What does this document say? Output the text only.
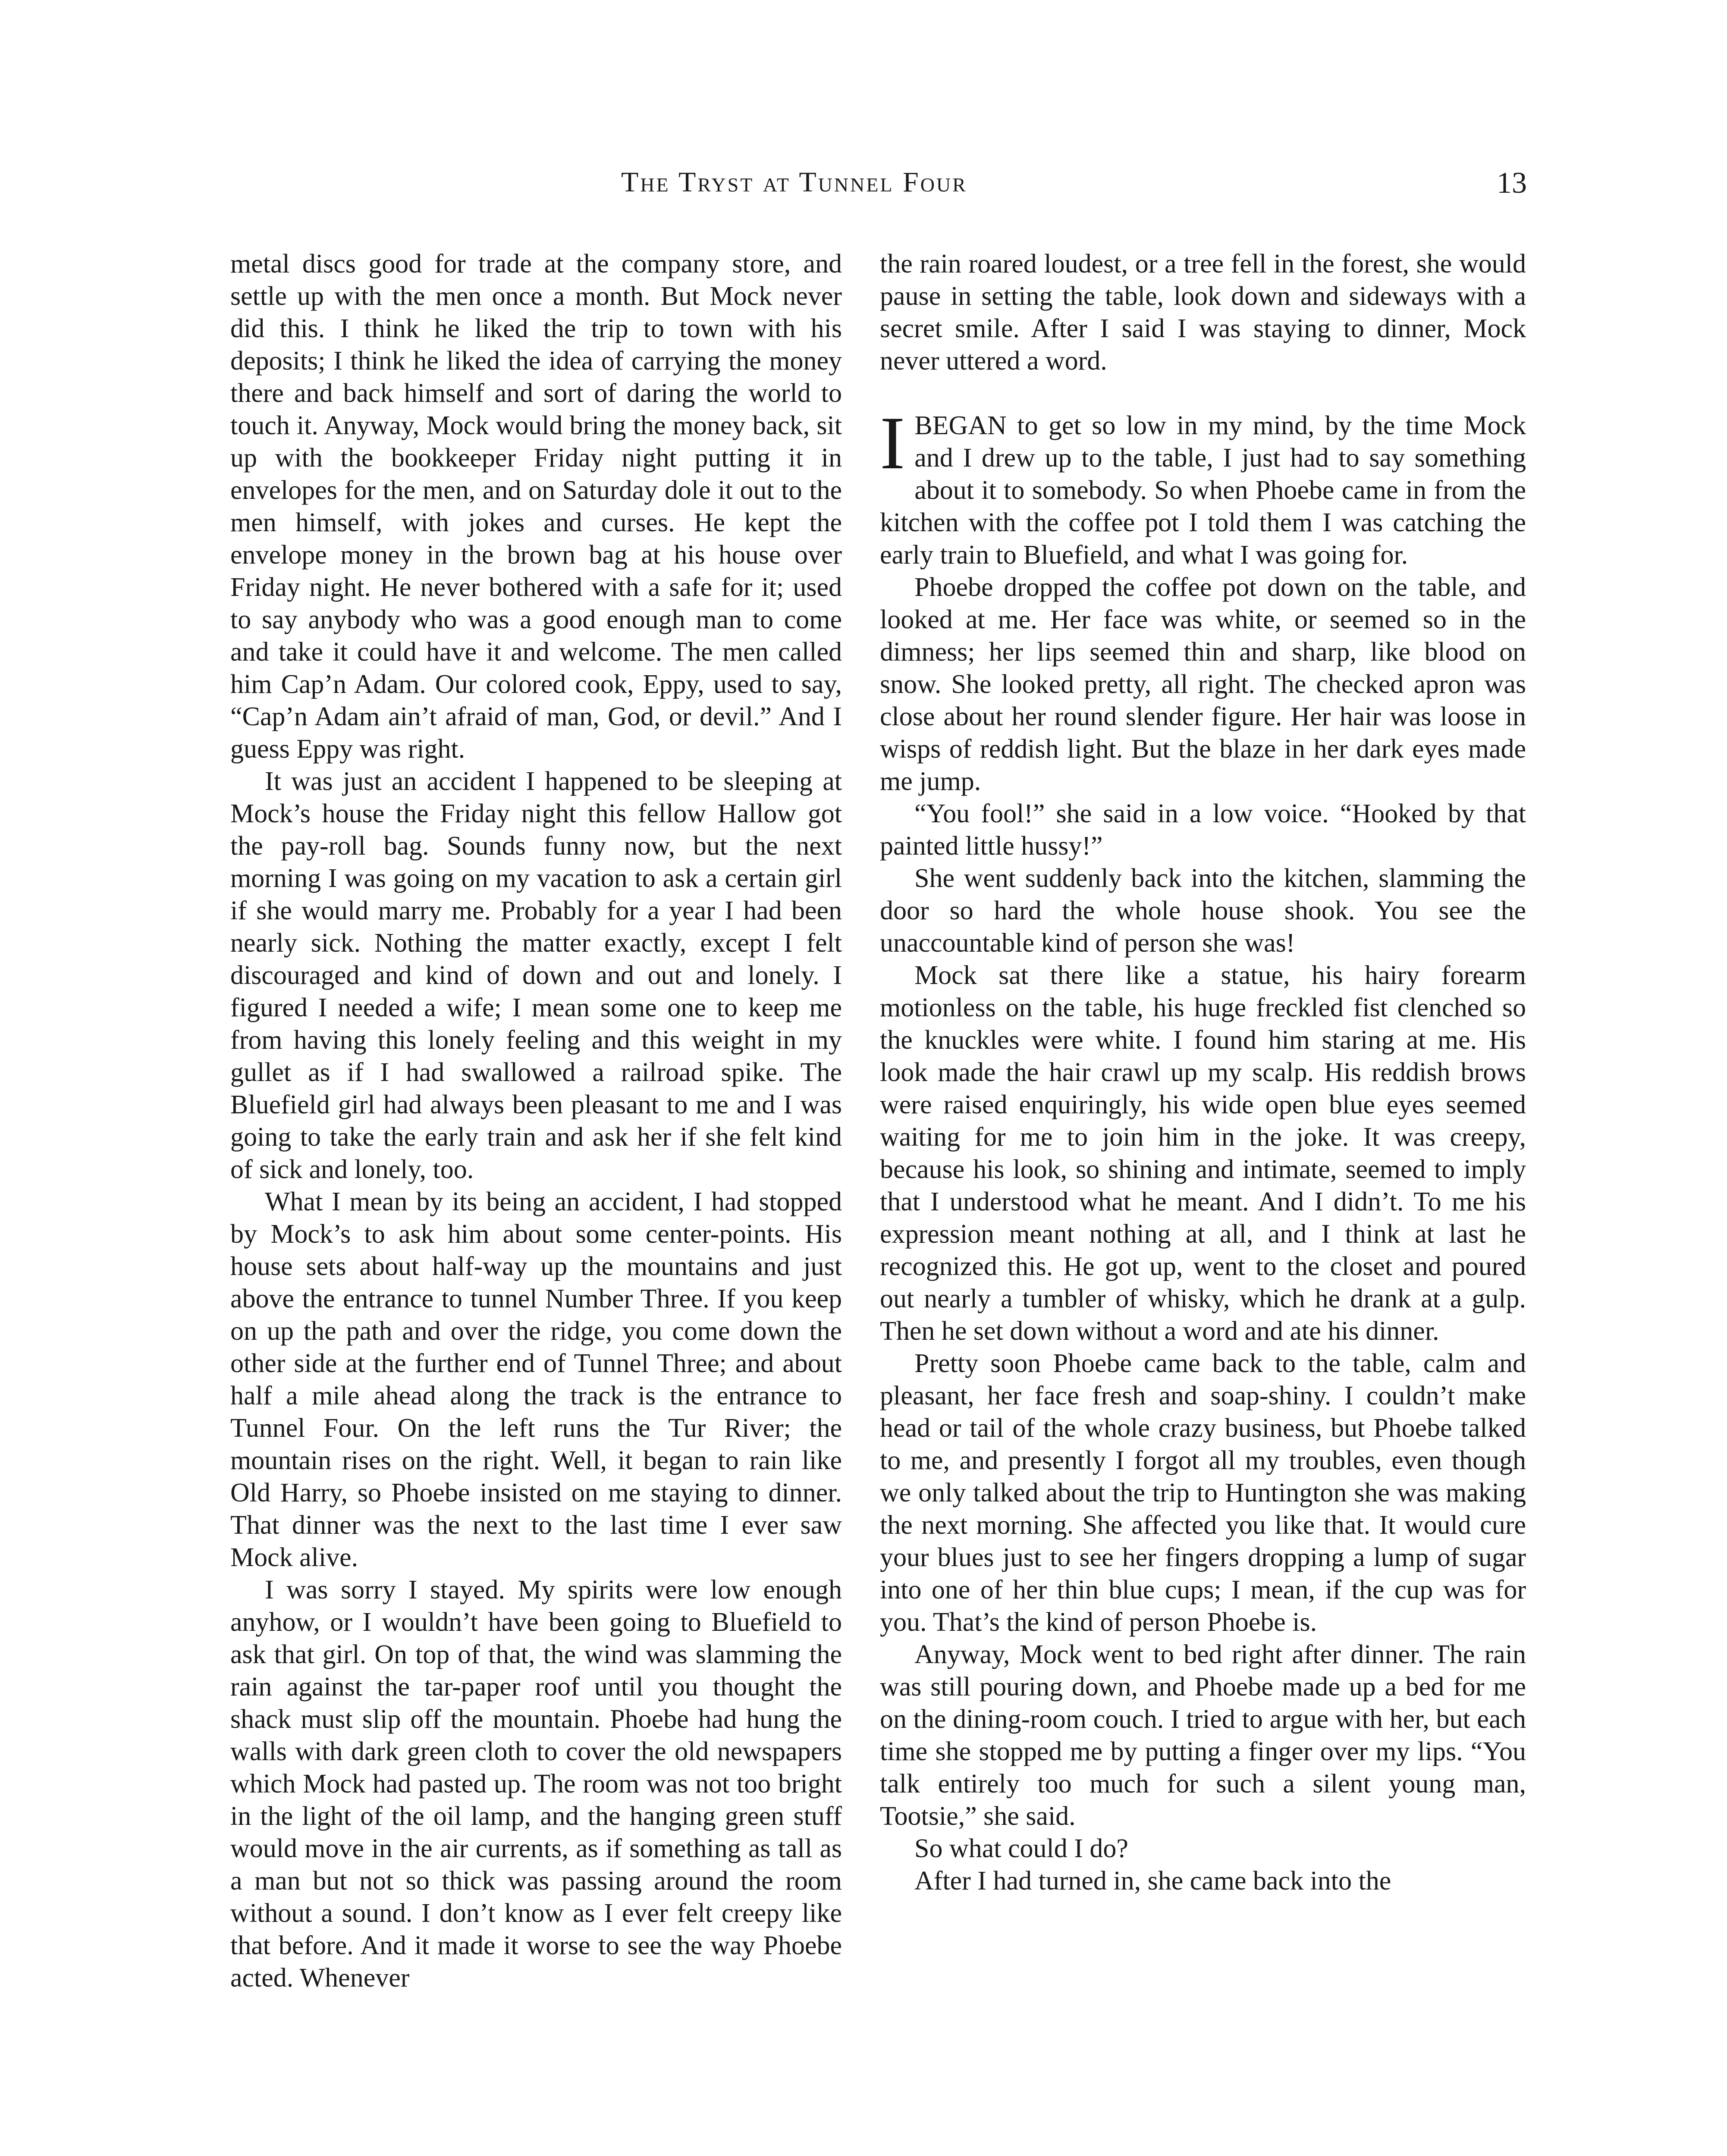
The Tryst at Tunnel Four	13

metal discs good for trade at the company store, and settle up with the men once a month. But Mock never did this. I think he liked the trip to town with his deposits; I think he liked the idea of carrying the money there and back himself and sort of daring the world to touch it. Anyway, Mock would bring the money back, sit up with the bookkeeper Friday night putting it in envelopes for the men, and on Saturday dole it out to the men himself, with jokes and curses. He kept the envelope money in the brown bag at his house over Friday night. He never bothered with a safe for it; used to say anybody who was a good enough man to come and take it could have it and welcome. The men called him Cap’n Adam. Our colored cook, Eppy, used to say, “Cap’n Adam ain’t afraid of man, God, or devil.” And I guess Eppy was right.

It was just an accident I happened to be sleeping at Mock’s house the Friday night this fellow Hallow got the pay-roll bag. Sounds funny now, but the next morning I was going on my vacation to ask a certain girl if she would marry me. Probably for a year I had been nearly sick. Nothing the matter exactly, except I felt discouraged and kind of down and out and lonely. I figured I needed a wife; I mean some one to keep me from having this lonely feeling and this weight in my gullet as if I had swallowed a railroad spike. The Bluefield girl had always been pleasant to me and I was going to take the early train and ask her if she felt kind of sick and lonely, too.

What I mean by its being an accident, I had stopped by Mock’s to ask him about some center-points. His house sets about half-way up the mountains and just above the entrance to tunnel Number Three. If you keep on up the path and over the ridge, you come down the other side at the further end of Tunnel Three; and about half a mile ahead along the track is the entrance to Tunnel Four. On the left runs the Tur River; the mountain rises on the right. Well, it began to rain like Old Harry, so Phoebe insisted on me staying to dinner. That dinner was the next to the last time I ever saw Mock alive.

I was sorry I stayed. My spirits were low enough anyhow, or I wouldn’t have been going to Bluefield to ask that girl. On top of that, the wind was slamming the rain against the tar-paper roof until you thought the shack must slip off the mountain. Phoebe had hung the walls with dark green cloth to cover the old newspapers which Mock had pasted up. The room was not too bright in the light of the oil lamp, and the hanging green stuff would move in the air currents, as if something as tall as a man but not so thick was passing around the room without a sound. I don’t know as I ever felt creepy like that before. And it made it worse to see the way Phoebe acted. Whenever

the rain roared loudest, or a tree fell in the forest, she would pause in setting the table, look down and sideways with a secret smile. After I said I was staying to dinner, Mock never uttered a word.

IBEGAN to get so low in my mind, by the time Mock and I drew up to the table, I just had to say something about it to somebody. So when Phoebe came in from the kitchen with the coffee pot I told them I was catching the early train to Bluefield, and what I was going for.

Phoebe dropped the coffee pot down on the table, and looked at me. Her face was white, or seemed so in the dimness; her lips seemed thin and sharp, like blood on snow. She looked pretty, all right. The checked apron was close about her round slender figure. Her hair was loose in wisps of reddish light. But the blaze in her dark eyes made me jump.

“You fool!” she said in a low voice. “Hooked by that painted little hussy!”

She went suddenly back into the kitchen, slamming the door so hard the whole house shook. You see the unaccountable kind of person she was!

Mock sat there like a statue, his hairy forearm motionless on the table, his huge freckled fist clenched so the knuckles were white. I found him staring at me. His look made the hair crawl up my scalp. His reddish brows were raised enquiringly, his wide open blue eyes seemed waiting for me to join him in the joke. It was creepy, because his look, so shining and intimate, seemed to imply that I understood what he meant. And I didn’t. To me his expression meant nothing at all, and I think at last he recognized this. He got up, went to the closet and poured out nearly a tumbler of whisky, which he drank at a gulp. Then he set down without a word and ate his dinner.

Pretty soon Phoebe came back to the table, calm and pleasant, her face fresh and soap-shiny. I couldn’t make head or tail of the whole crazy business, but Phoebe talked to me, and presently I forgot all my troubles, even though we only talked about the trip to Huntington she was making the next morning. She affected you like that. It would cure your blues just to see her fingers dropping a lump of sugar into one of her thin blue cups; I mean, if the cup was for you. That’s the kind of person Phoebe is.

Anyway, Mock went to bed right after dinner. The rain was still pouring down, and Phoebe made up a bed for me on the dining-room couch. I tried to argue with her, but each time she stopped me by putting a finger over my lips. “You talk entirely too much for such a silent young man, Tootsie,” she said.

So what could I do?

After I had turned in, she came back into the
